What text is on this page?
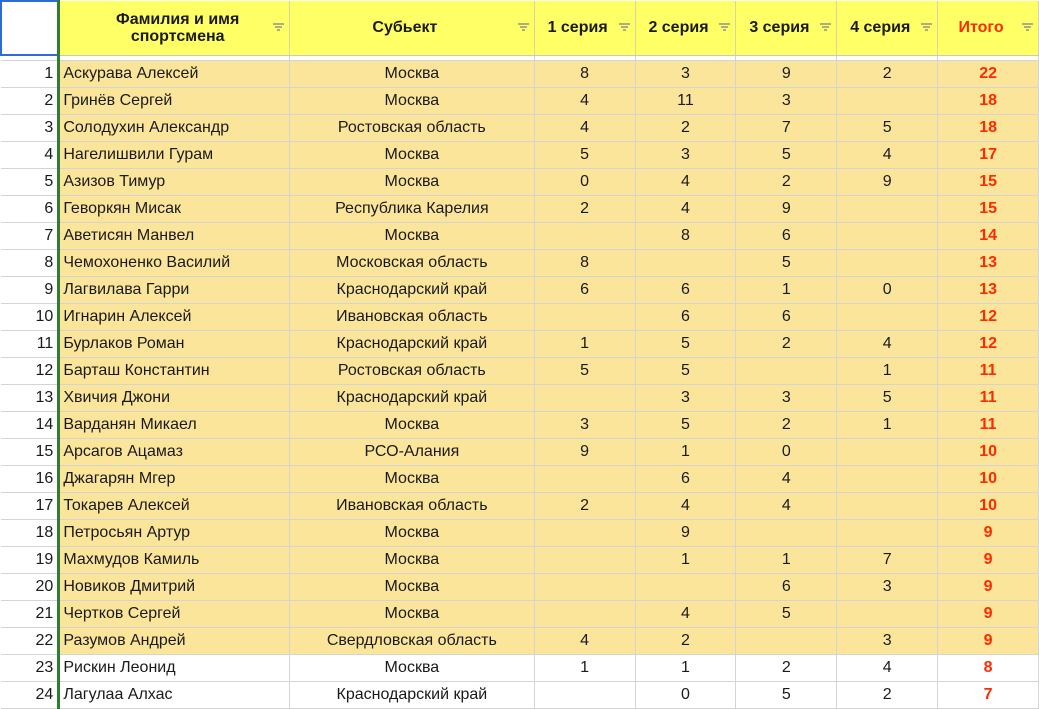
	Фамилия и имя спортсмена	Субьект	1 серия	2 серия	3 серия	4 серия	Итого

1	Аскурава Алексей	Москва	8	3	9	2	22
2	Гринёв Сергей	Москва	4	11	3		18
3	Солодухин Александр	Ростовская область	4	2	7	5	18
4	Нагелишвили Гурам	Москва	5	3	5	4	17
5	Азизов Тимур	Москва	0	4	2	9	15
6	Геворкян Мисак	Республика Карелия	2	4	9		15
7	Аветисян Манвел	Москва		8	6		14
8	Чемохоненко Василий	Московская область	8		5		13
9	Лагвилава Гарри	Краснодарский край	6	6	1	0	13
10	Игнарин Алексей	Ивановская область		6	6		12
11	Бурлаков Роман	Краснодарский край	1	5	2	4	12
12	Барташ Константин	Ростовская область	5	5		1	11
13	Хвичия Джони	Краснодарский край		3	3	5	11
14	Варданян Микаел	Москва	3	5	2	1	11
15	Арсагов Ацамаз	РСО-Алания	9	1	0		10
16	Джагарян Мгер	Москва		6	4		10
17	Токарев Алексей	Ивановская область	2	4	4		10
18	Петросьян Артур	Москва		9			9
19	Махмудов Камиль	Москва		1	1	7	9
20	Новиков Дмитрий	Москва			6	3	9
21	Чертков Сергей	Москва		4	5		9
22	Разумов Андрей	Свердловская область	4	2		3	9
23	Рискин Леонид	Москва	1	1	2	4	8
24	Лагулаа Алхас	Краснодарский край		0	5	2	7
